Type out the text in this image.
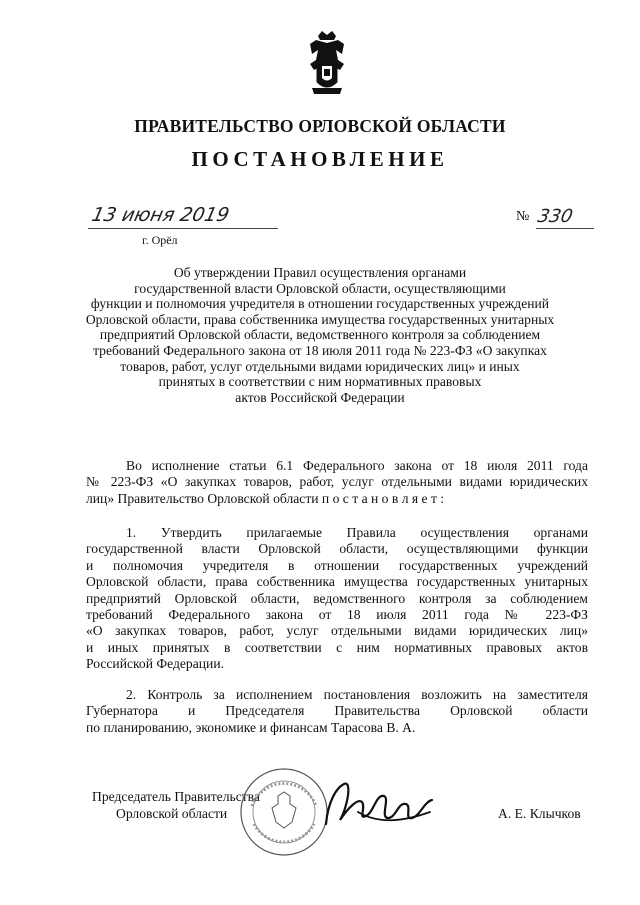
ПРАВИТЕЛЬСТВО ОРЛОВСКОЙ ОБЛАСТИ
ПОСТАНОВЛЕНИЕ
13 июня 2019
г. Орёл
№ 330
Об утверждении Правил осуществления органами
государственной власти Орловской области, осуществляющими
функции и полномочия учредителя в отношении государственных учреждений
Орловской области, права собственника имущества государственных унитарных
предприятий Орловской области, ведомственного контроля за соблюдением
требований Федерального закона от 18 июля 2011 года № 223-ФЗ «О закупках
товаров, работ, услуг отдельными видами юридических лиц» и иных
принятых в соответствии с ним нормативных правовых
актов Российской Федерации
Во исполнение статьи 6.1 Федерального закона от 18 июля 2011 года
№ 223-ФЗ «О закупках товаров, работ, услуг отдельными видами юридических
лиц» Правительство Орловской области п о с т а н о в л я е т :
1. Утвердить прилагаемые Правила осуществления органами
государственной власти Орловской области, осуществляющими функции
и полномочия учредителя в отношении государственных учреждений
Орловской области, права собственника имущества государственных унитарных
предприятий Орловской области, ведомственного контроля за соблюдением
требований Федерального закона от 18 июля 2011 года № 223-ФЗ
«О закупках товаров, работ, услуг отдельными видами юридических лиц»
и иных принятых в соответствии с ним нормативных правовых актов
Российской Федерации.
2. Контроль за исполнением постановления возложить на заместителя
Губернатора и Председателя Правительства Орловской области
по планированию, экономике и финансам Тарасова В. А.
Председатель Правительства
Орловской области	А. Е. Клычков
